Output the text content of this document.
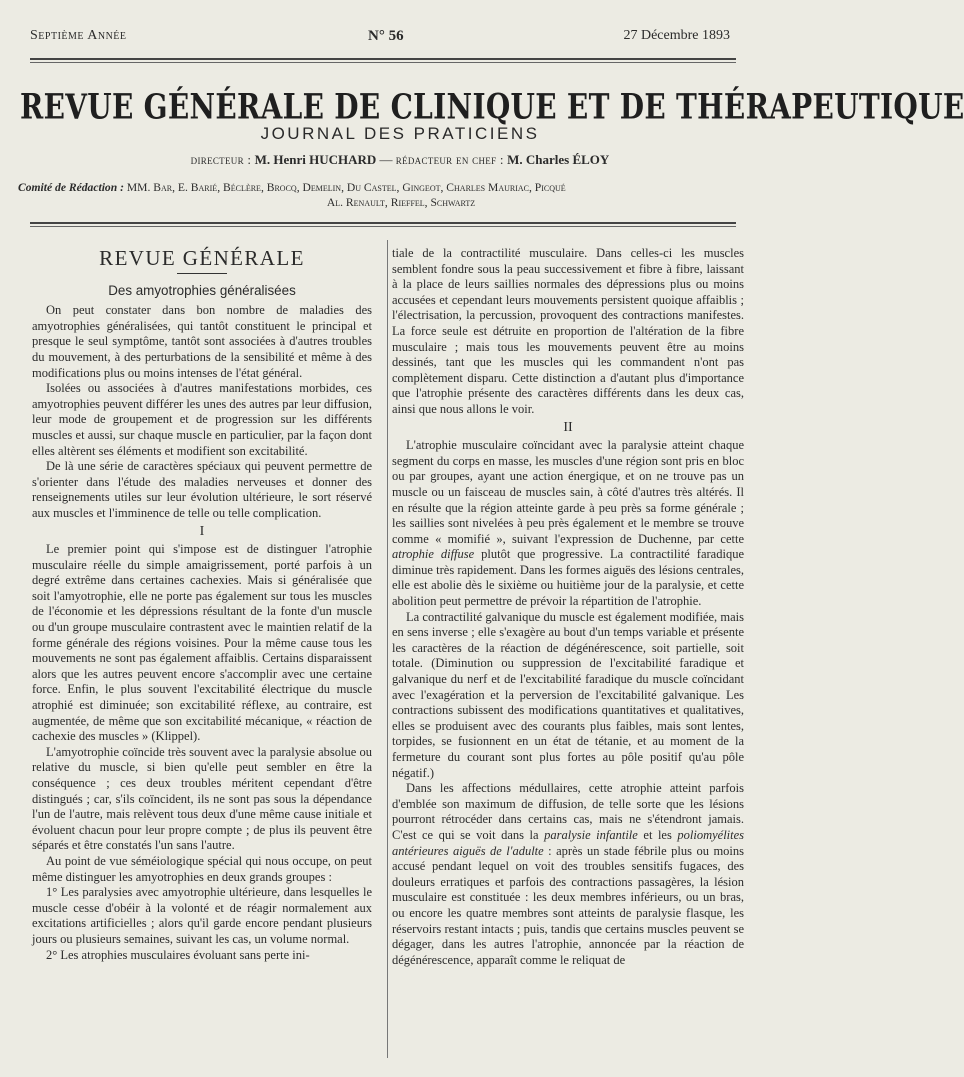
Septième Année	N° 56	27 Décembre 1893
REVUE GÉNÉRALE DE CLINIQUE ET DE THÉRAPEUTIQUE
JOURNAL DES PRATICIENS
directeur : M. Henri HUCHARD — rédacteur en chef : M. Charles ÉLOY
Comité de Rédaction : MM. Bar, E. Barié, Béclère, Brocq, Demelin, Du Castel, Gingeot, Charles Mauriac, Picqué
Al. Renault, Rieffel, Schwartz
REVUE GÉNÉRALE
Des amyotrophies généralisées

On peut constater dans bon nombre de maladies des amyotrophies généralisées, qui tantôt constituent le principal et presque le seul symptôme, tantôt sont associées à d'autres troubles du mouvement, à des perturbations de la sensibilité et même à des modifications plus ou moins intenses de l'état général.

Isolées ou associées à d'autres manifestations morbides, ces amyotrophies peuvent différer les unes des autres par leur diffusion, leur mode de groupement et de progression sur les différents muscles et aussi, sur chaque muscle en particulier, par la façon dont elles altèrent ses éléments et modifient son excitabilité.

De là une série de caractères spéciaux qui peuvent permettre de s'orienter dans l'étude des maladies nerveuses et donner des renseignements utiles sur leur évolution ultérieure, le sort réservé aux muscles et l'imminence de telle ou telle complication.

I

Le premier point qui s'impose est de distinguer l'atrophie musculaire réelle du simple amaigrissement, porté parfois à un degré extrême dans certaines cachexies. Mais si généralisée que soit l'amyotrophie, elle ne porte pas également sur tous les muscles de l'économie et les dépressions résultant de la fonte d'un muscle ou d'un groupe musculaire contrastent avec le maintien relatif de la forme générale des régions voisines. Pour la même cause tous les mouvements ne sont pas également affaiblis. Certains disparaissent alors que les autres peuvent encore s'accomplir avec une certaine force. Enfin, le plus souvent l'excitabilité électrique du muscle atrophié est diminuée; son excitabilité réflexe, au contraire, est augmentée, de même que son excitabilité mécanique, « réaction de cachexie des muscles » (Klippel).

L'amyotrophie coïncide très souvent avec la paralysie absolue ou relative du muscle, si bien qu'elle peut sembler en être la conséquence ; ces deux troubles méritent cependant d'être distingués ; car, s'ils coïncident, ils ne sont pas sous la dépendance l'un de l'autre, mais relèvent tous deux d'une même cause initiale et évoluent chacun pour leur propre compte ; de plus ils peuvent être séparés et être constatés l'un sans l'autre.

Au point de vue séméiologique spécial qui nous occupe, on peut même distinguer les amyotrophies en deux grands groupes :

1° Les paralysies avec amyotrophie ultérieure, dans lesquelles le muscle cesse d'obéir à la volonté et de réagir normalement aux excitations artificielles ; alors qu'il garde encore pendant plusieurs jours ou plusieurs semaines, suivant les cas, un volume normal.

2° Les atrophies musculaires évoluant sans perte ini-

tiale de la contractilité musculaire. Dans celles-ci les muscles semblent fondre sous la peau successivement et fibre à fibre, laissant à la place de leurs saillies normales des dépressions plus ou moins accusées et cependant leurs mouvements persistent quoique affaiblis ; l'électrisation, la percussion, provoquent des contractions manifestes. La force seule est détruite en proportion de l'altération de la fibre musculaire ; mais tous les mouvements peuvent être au moins dessinés, tant que les muscles qui les commandent n'ont pas complètement disparu. Cette distinction a d'autant plus d'importance que l'atrophie présente des caractères différents dans les deux cas, ainsi que nous allons le voir.

II

L'atrophie musculaire coïncidant avec la paralysie atteint chaque segment du corps en masse, les muscles d'une région sont pris en bloc ou par groupes, ayant une action énergique, et on ne trouve pas un muscle ou un faisceau de muscles sain, à côté d'autres très altérés. Il en résulte que la région atteinte garde à peu près sa forme générale ; les saillies sont nivelées à peu près également et le membre se trouve comme « momifié », suivant l'expression de Duchenne, par cette atrophie diffuse plutôt que progressive. La contractilité faradique diminue très rapidement. Dans les formes aiguës des lésions centrales, elle est abolie dès le sixième ou huitième jour de la paralysie, et cette abolition peut permettre de prévoir la répartition de l'atrophie.

La contractilité galvanique du muscle est également modifiée, mais en sens inverse ; elle s'exagère au bout d'un temps variable et présente les caractères de la réaction de dégénérescence, soit partielle, soit totale. (Diminution ou suppression de l'excitabilité faradique et galvanique du nerf et de l'excitabilité faradique du muscle coïncidant avec l'exagération et la perversion de l'excitabilité galvanique. Les contractions subissent des modifications quantitatives et qualitatives, elles se produisent avec des courants plus faibles, mais sont lentes, torpides, se fusionnent en un état de tétanie, et au moment de la fermeture du courant sont plus fortes au pôle positif qu'au pôle négatif.)

Dans les affections médullaires, cette atrophie atteint parfois d'emblée son maximum de diffusion, de telle sorte que les lésions pourront rétrocéder dans certains cas, mais ne s'étendront jamais. C'est ce qui se voit dans la paralysie infantile et les poliomyélites antérieures aiguës de l'adulte : après un stade fébrile plus ou moins accusé pendant lequel on voit des troubles sensitifs fugaces, des douleurs erratiques et parfois des contractions passagères, la lésion musculaire est constituée : les deux membres inférieurs, ou un bras, ou encore les quatre membres sont atteints de paralysie flasque, les réservoirs restant intacts ; puis, tandis que certains muscles peuvent se dégager, dans les autres l'atrophie, annoncée par la réaction de dégénérescence, apparaît comme le reliquat de
